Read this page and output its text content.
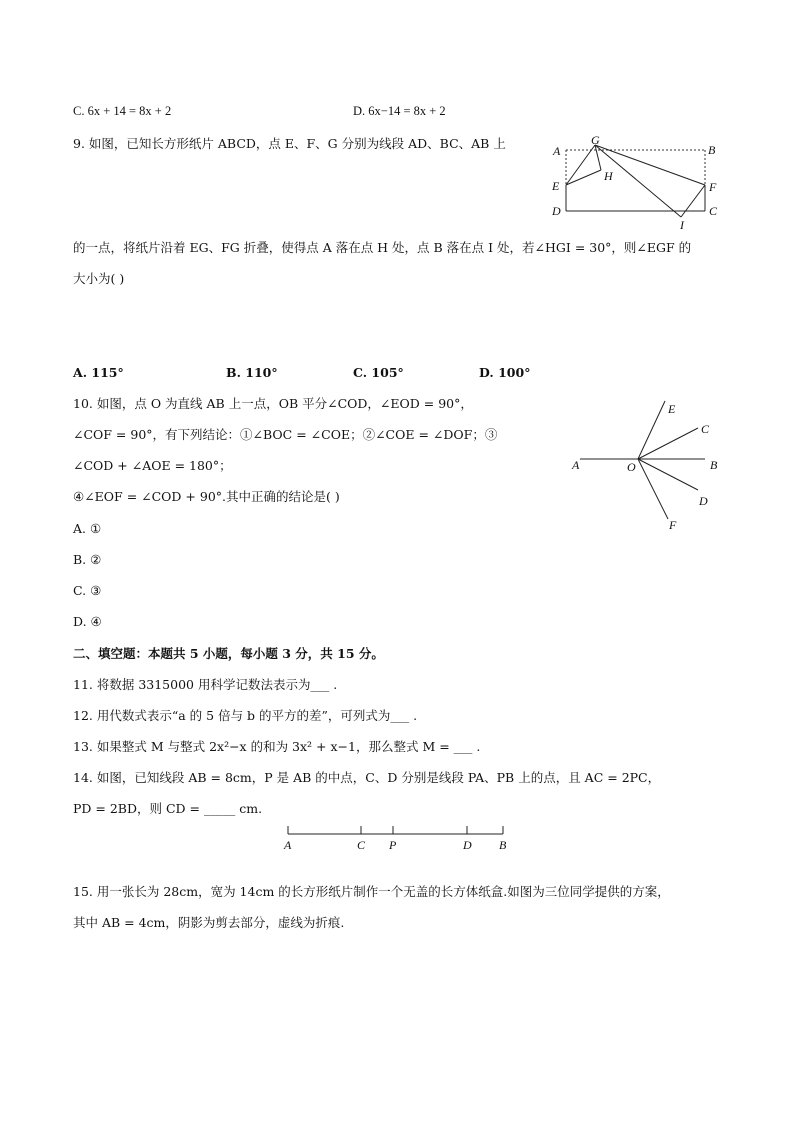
C. 6x + 14 = 8x + 2	D. 6x−14 = 8x + 2
9. 如图，已知长方形纸片 ABCD，点 E、F、G 分别为线段 AD、BC、AB 上	A
G
B
H
E	F
D	C
I
的一点，将纸片沿着 EG、FG 折叠，使得点 A 落在点 H 处，点 B 落在点 I 处，若∠HGI = 30°，则∠EGF 的
大小为( )
A. 115°	B. 110°	C. 105°	D. 100°
10. 如图，点 O 为直线 AB 上一点，OB 平分∠COD，∠EOD = 90°，
∠COF = 90°，有下列结论：①∠BOC = ∠COE；②∠COE = ∠DOF；③
∠COD + ∠AOE = 180°；
④∠EOF = ∠COD + 90°.其中正确的结论是( )
A	O	B
E
C
D
F
A. ①
B. ②
C. ③
D. ④
二、填空题：本题共 5 小题，每小题 3 分，共 15 分。
11. 将数据 3315000 用科学记数法表示为___ .
12. 用代数式表示“a 的 5 倍与 b 的平方的差”，可列式为___ .
13. 如果整式 M 与整式 2x²−x 的和为 3x² + x−1，那么整式 M = ___ .
14. 如图，已知线段 AB = 8cm，P 是 AB 的中点，C、D 分别是线段 PA、PB 上的点，且 AC = 2PC，
PD = 2BD，则 CD = _____ cm.
A	C P	D B
15. 用一张长为 28cm，宽为 14cm 的长方形纸片制作一个无盖的长方体纸盒.如图为三位同学提供的方案，
其中 AB = 4cm，阴影为剪去部分，虚线为折痕.
